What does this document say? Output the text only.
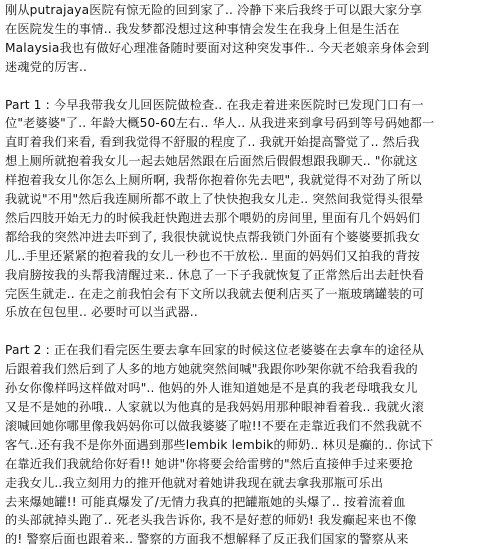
刚从putrajaya医院有惊无险的回到家了.. 冷静下来后我终于可以跟大家分享
在医院发生的事情.. 我发梦都没想过这种事情会发生在我身上但是生活在
Malaysia我也有做好心理准备随时要面对这种突发事件.. 今天老娘亲身体会到
迷魂党的厉害..
Part 1 : 今早我带我女儿回医院做检查.. 在我走着进来医院时已发现门口有一
位"老婆婆"了.. 年龄大概50-60左右.. 华人.. 从我进来到拿号码到等号码她都一
直盯着我们来看, 看到我觉得不舒服的程度了.. 我就开始提高警觉了.. 然后我
想上厕所就抱着我女儿一起去她居然跟在后面然后假假想跟我聊天.. "你就这
样抱着我女儿你怎么上厕所啊, 我帮你抱着你先去吧", 我就觉得不对劲了所以
我就说"不用"然后我连厕所都不敢上了快快抱我女儿走.. 突然间我觉得头很晕
然后四肢开始无力的时候我赶快跑进去那个喂奶的房间里, 里面有几个妈妈们
都给我的突然冲进去吓到了, 我很快就说快点帮我锁门外面有个婆婆要抓我女
儿..手里还紧紧的抱着我的女儿一秒也不干放松.. 里面的妈妈们又拍我的背按
我肩膀按我的头帮我清醒过来.. 休息了一下子我就恢复了正常然后出去赶快看
完医生就走.. 在走之前我怕会有下文所以我就去便利店买了一瓶玻璃罐装的可
乐放在包包里.. 必要时可以当武器..
Part 2 : 正在我们看完医生要去拿车回家的时候这位老婆婆在去拿车的途径从
后跟着我们然后到了人多的地方她就突然间喊"我跟你吵架你就不给我看我的
孙女你像样吗这样做对吗".. 他妈的外人谁知道她是不是真的我老母哦我女儿
又是不是她的孙哦.. 人家就以为他真的是我妈妈用那种眼神看着我.. 我就火滚
滚喊回她你哪里像我妈妈你可以做我婆婆了啦!!不要在走靠近我们不然我就不
客气..还有我不是你外面遇到那些lembik lembik的师奶.. 林贝是癫的.. 你试下
在靠近我们我就给你好看!! 她讲"你将要会给雷劈的"然后直接伸手过来要抢
走我女儿..我立刻用力的推开他就对着她讲我现在就去拿我那瓶可乐出
去来爆她罐!! 可能真爆发了/无情力我真的把罐瓶她的头爆了.. 按着流着血
的头部就掉头跑了.. 死老头我告诉你, 我不是好惹的师奶! 我发癫起来也不像
的! 警察后面也跟着来.. 警察的方面我不想解释了反正我们国家的警察从来
